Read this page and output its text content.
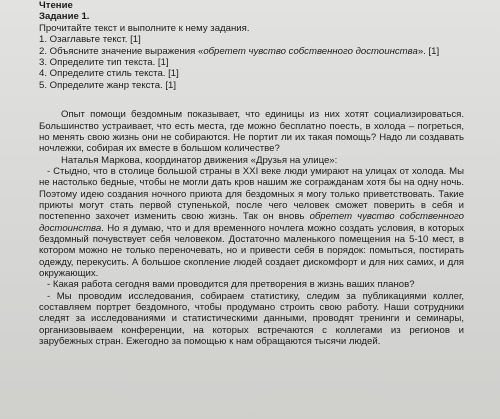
Чтение
Задание 1.
Прочитайте текст и выполните к нему задания.
1. Озаглавьте текст. [1]
2. Объясните значение выражения «обретет чувство собственного достоинства». [1]
3. Определите тип текста. [1]
4. Определите стиль текста. [1]
5. Определите жанр текста. [1]

Опыт помощи бездомным показывает, что единицы из них хотят социализироваться. Большинство устраивает, что есть места, где можно бесплатно поесть, в холода – погреться, но менять свою жизнь они не собираются. Не портит ли их такая помощь? Надо ли создавать ночлежки, собирая их вместе в большом количестве?

Наталья Маркова, координатор движения «Друзья на улице»:

- Стыдно, что в столице большой страны в XXI веке люди умирают на улицах от холода. Мы не настолько бедные, чтобы не могли дать кров нашим же согражданам хотя бы на одну ночь. Поэтому идею создания ночного приюта для бездомных я могу только приветствовать. Такие приюты могут стать первой ступенькой, после чего человек сможет поверить в себя и постепенно захочет изменить свою жизнь. Так он вновь обретет чувство собственного достоинства. Но я думаю, что и для временного ночлега можно создать условия, в которых бездомный почувствует себя человеком. Достаточно маленького помещения на 5-10 мест, в котором можно не только переночевать, но и привести себя в порядок: помыться, постирать одежду, перекусить. А большое скопление людей создает дискомфорт и для них самих, и для окружающих.

- Какая работа сегодня вами проводится для претворения в жизнь ваших планов?

- Мы проводим исследования, собираем статистику, следим за публикациями коллег, составляем портрет бездомного, чтобы продумано строить свою работу. Наши сотрудники следят за исследованиями и статистическими данными, проводят тренинги и семинары, организовываем конференции, на которых встречаются с коллегами из регионов и зарубежных стран. Ежегодно за помощью к нам обращаются тысячи людей.
